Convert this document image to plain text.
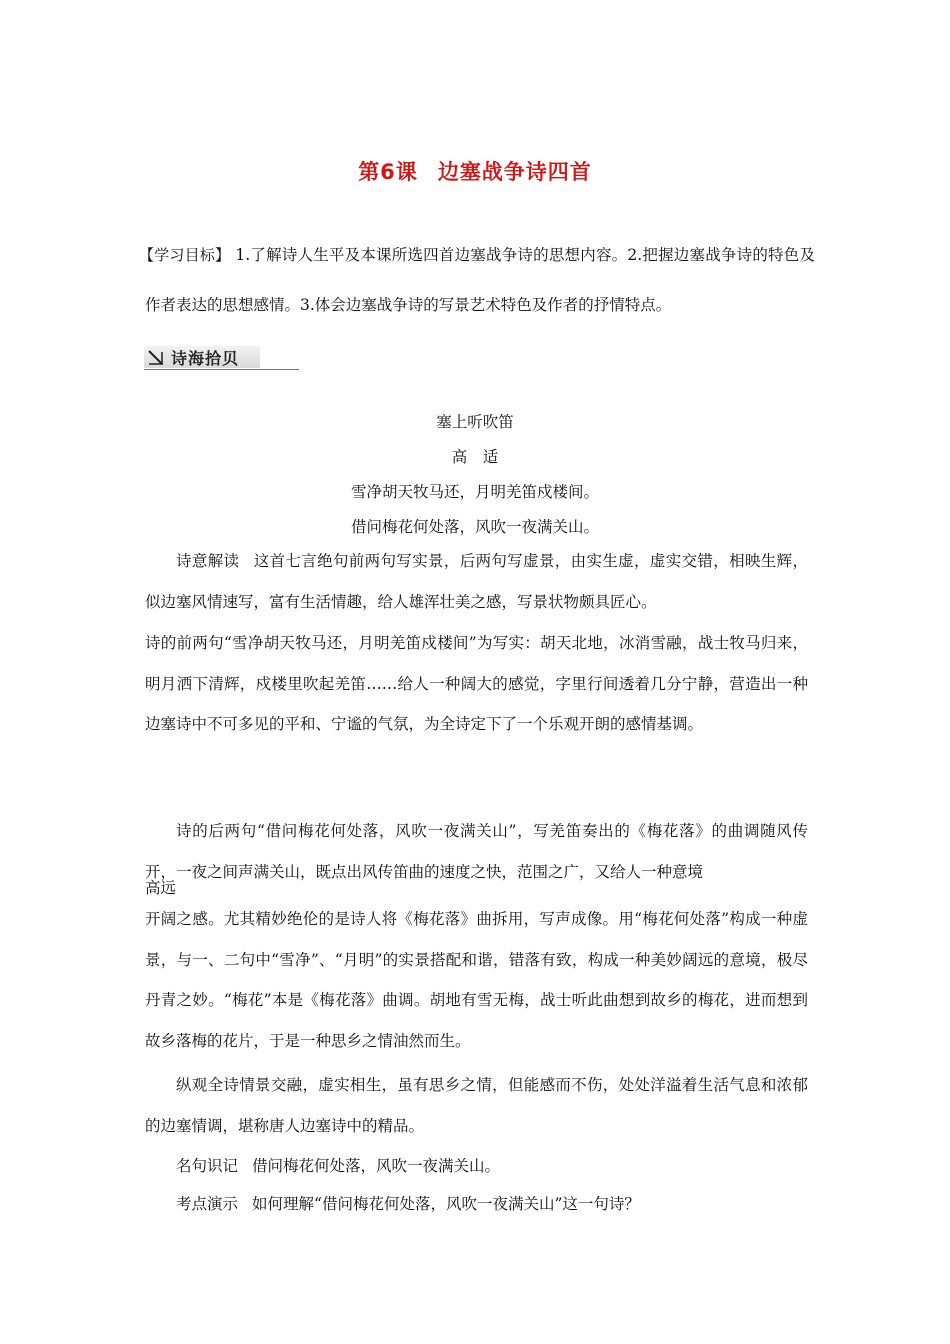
第6课 边塞战争诗四首
【学习目标】 1.了解诗人生平及本课所选四首边塞战争诗的思想内容。2.把握边塞战争诗的特色及作者表达的思想感情。3.体会边塞战争诗的写景艺术特色及作者的抒情特点。
诗海拾贝
塞上听吹笛
高　适
雪净胡天牧马还，月明羌笛戍楼间。
借问梅花何处落，风吹一夜满关山。

诗意解读 这首七言绝句前两句写实景，后两句写虚景，由实生虚，虚实交错，相映生辉，似边塞风情速写，富有生活情趣，给人雄浑壮美之感，写景状物颇具匠心。

诗的前两句“雪净胡天牧马还，月明羌笛戍楼间”为写实：胡天北地，冰消雪融，战士牧马归来，明月洒下清辉，戍楼里吹起羌笛……给人一种阔大的感觉，字里行间透着几分宁静，营造出一种边塞诗中不可多见的平和、宁谧的气氛，为全诗定下了一个乐观开朗的感情基调。

诗的后两句“借问梅花何处落，风吹一夜满关山”，写羌笛奏出的《梅花落》的曲调随风传开，一夜之间声满关山，既点出风传笛曲的速度之快，范围之广，又给人一种意境

高远

开阔之感。尤其精妙绝伦的是诗人将《梅花落》曲拆用，写声成像。用“梅花何处落”构成一种虚景，与一、二句中“雪净”、“月明”的实景搭配和谐，错落有致，构成一种美妙阔远的意境，极尽丹青之妙。“梅花”本是《梅花落》曲调。胡地有雪无梅，战士听此曲想到故乡的梅花，进而想到故乡落梅的花片，于是一种思乡之情油然而生。

纵观全诗情景交融，虚实相生，虽有思乡之情，但能感而不伤，处处洋溢着生活气息和浓郁的边塞情调，堪称唐人边塞诗中的精品。

名句识记 借问梅花何处落，风吹一夜满关山。

考点演示 如何理解“借问梅花何处落，风吹一夜满关山”这一句诗？
